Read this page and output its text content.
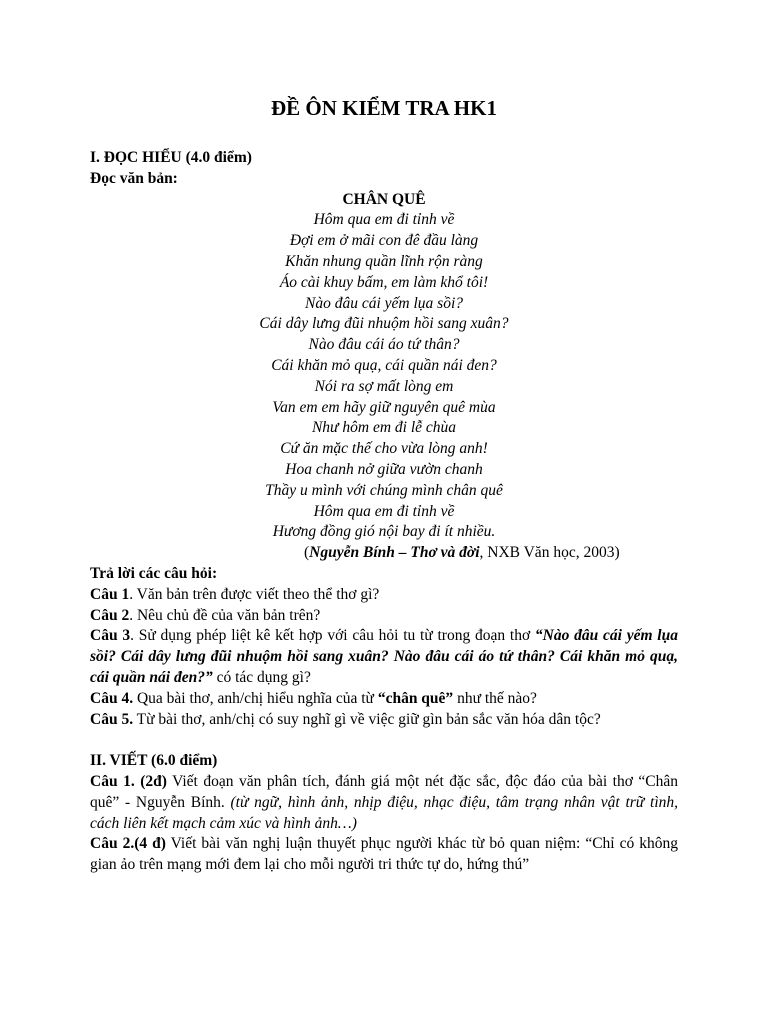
ĐỀ ÔN KIỂM TRA HK1
I. ĐỌC HIỂU (4.0 điểm)
Đọc văn bản:
CHÂN QUÊ
Hôm qua em đi tỉnh về
Đợi em ở mãi con đê đầu làng
Khăn nhung quần lĩnh rộn ràng
Áo cài khuy bấm, em làm khổ tôi!
Nào đâu cái yếm lụa sồi?
Cái dây lưng đũi nhuộm hồi sang xuân?
Nào đâu cái áo tứ thân?
Cái khăn mỏ quạ, cái quần nái đen?
Nói ra sợ mất lòng em
Van em em hãy giữ nguyên quê mùa
Như hôm em đi lễ chùa
Cứ ăn mặc thế cho vừa lòng anh!
Hoa chanh nở giữa vườn chanh
Thầy u mình với chúng mình chân quê
Hôm qua em đi tỉnh về
Hương đồng gió nội bay đi ít nhiều.
(Nguyễn Bính – Thơ và đời, NXB Văn học, 2003)
Trả lời các câu hỏi:
Câu 1. Văn bản trên được viết theo thể thơ gì?
Câu 2. Nêu chủ đề của văn bản trên?
Câu 3. Sử dụng phép liệt kê kết hợp với câu hỏi tu từ trong đoạn thơ “Nào đâu cái yếm lụa sồi? Cái dây lưng đũi nhuộm hồi sang xuân? Nào đâu cái áo tứ thân? Cái khăn mỏ quạ, cái quần nái đen?” có tác dụng gì?
Câu 4. Qua bài thơ, anh/chị hiểu nghĩa của từ “chân quê” như thế nào?
Câu 5. Từ bài thơ, anh/chị có suy nghĩ gì về việc giữ gìn bản sắc văn hóa dân tộc?
II. VIẾT (6.0 điểm)
Câu 1. (2đ) Viết đoạn văn phân tích, đánh giá một nét đặc sắc, độc đáo của bài thơ “Chân quê” - Nguyễn Bính. (từ ngữ, hình ảnh, nhịp điệu, nhạc điệu, tâm trạng nhân vật trữ tình, cách liên kết mạch cảm xúc và hình ảnh…)
Câu 2.(4 đ) Viết bài văn nghị luận thuyết phục người khác từ bỏ quan niệm: “Chỉ có không gian ảo trên mạng mới đem lại cho mỗi người tri thức tự do, hứng thú”
